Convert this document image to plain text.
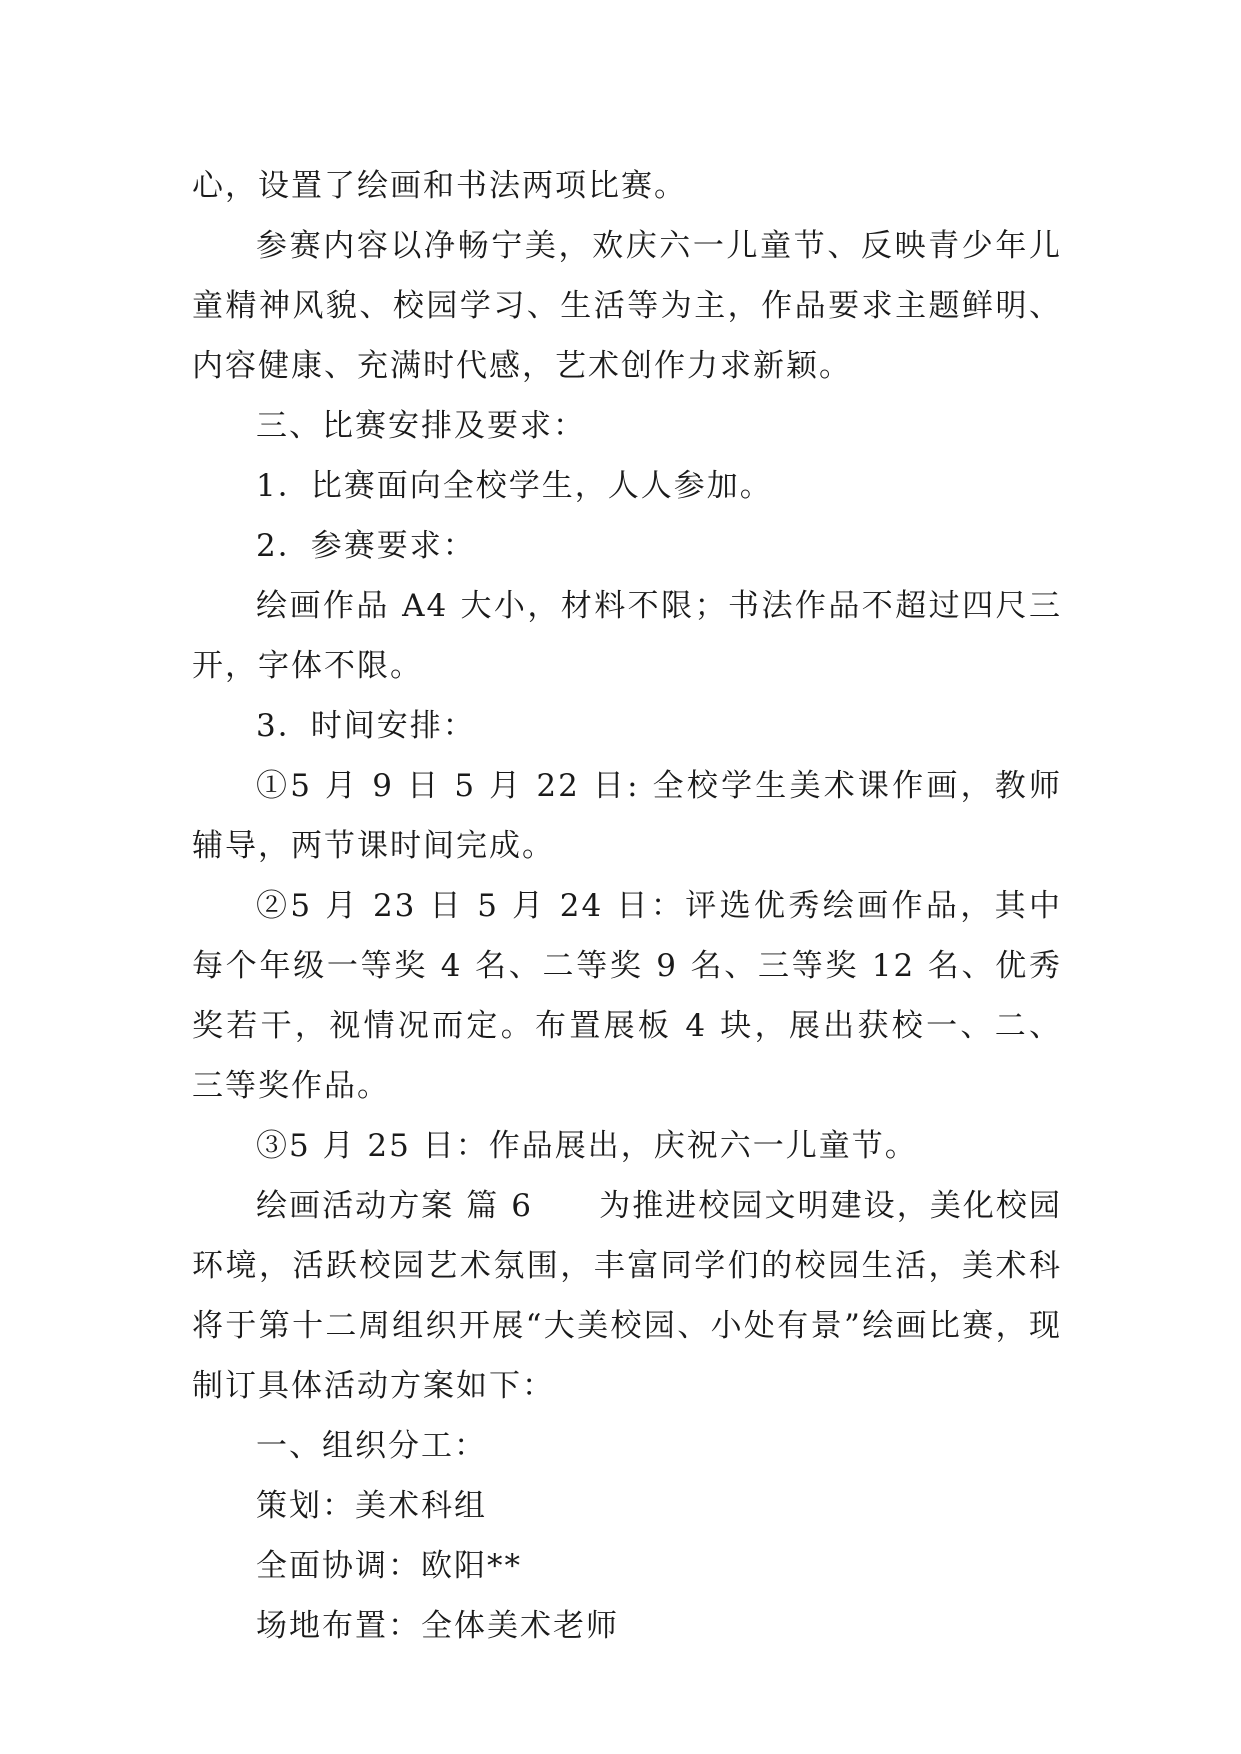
心，设置了绘画和书法两项比赛。

参赛内容以净畅宁美，欢庆六一儿童节、反映青少年儿童精神风貌、校园学习、生活等为主，作品要求主题鲜明、内容健康、充满时代感，艺术创作力求新颖。

三、比赛安排及要求：

1．比赛面向全校学生，人人参加。

2．参赛要求：

绘画作品 A4 大小，材料不限；书法作品不超过四尺三开，字体不限。

3．时间安排：

①5 月 9 日 5 月 22 日: 全校学生美术课作画，教师辅导，两节课时间完成。

②5 月 23 日 5 月 24 日：评选优秀绘画作品，其中每个年级一等奖 4 名、二等奖 9 名、三等奖 12 名、优秀奖若干，视情况而定。布置展板 4 块，展出获校一、二、三等奖作品。

③5 月 25 日：作品展出，庆祝六一儿童节。

绘画活动方案 篇 6　　为推进校园文明建设，美化校园环境，活跃校园艺术氛围，丰富同学们的校园生活，美术科将于第十二周组织开展“大美校园、小处有景”绘画比赛，现制订具体活动方案如下：

一、组织分工：

策划：美术科组

全面协调：欧阳**

场地布置：全体美术老师
